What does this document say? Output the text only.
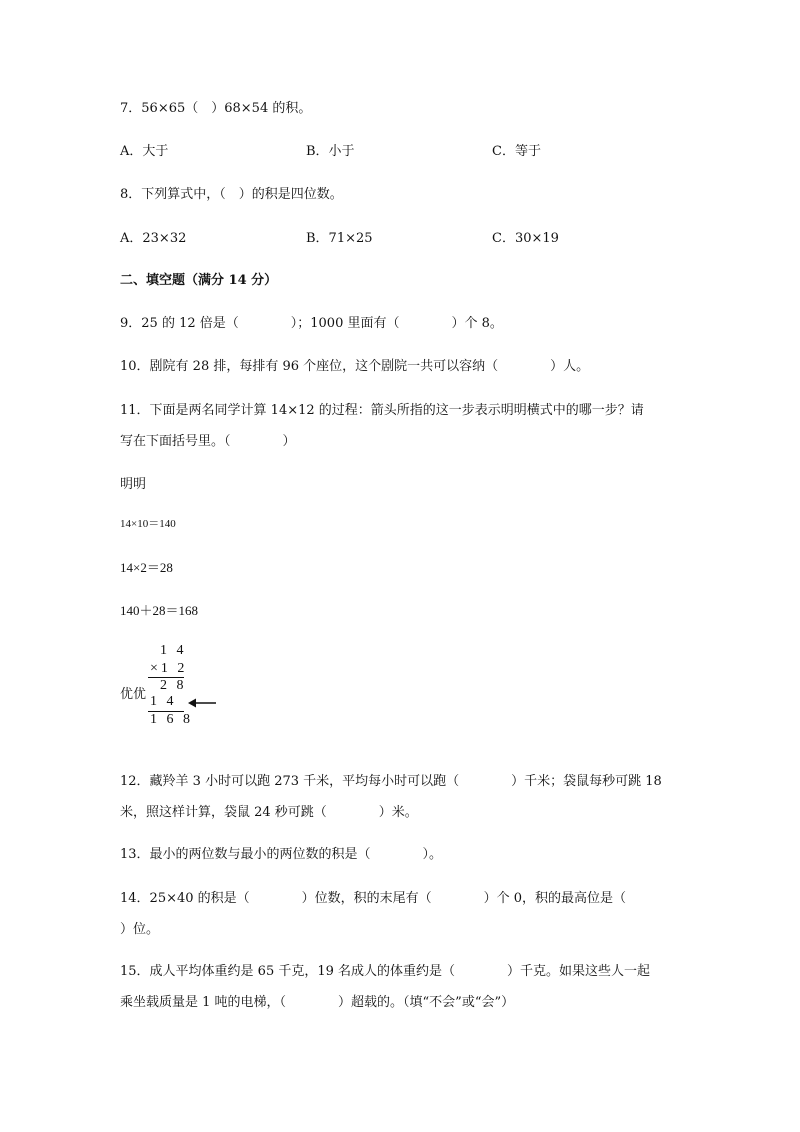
7．56×65（　）68×54 的积。
A．大于	B．小于	C．等于
8．下列算式中，（　）的积是四位数。
A．23×32	B．71×25	C．30×19
二、填空题（满分 14 分）
9．25 的 12 倍是（　　　　）；1000 里面有（　　　　）个 8。
10．剧院有 28 排，每排有 96 个座位，这个剧院一共可以容纳（　　　　）人。
11．下面是两名同学计算 14×12 的过程：箭头所指的这一步表示明明横式中的哪一步？请
写在下面括号里。（　　　　）
明明
14×10＝140
14×2＝28
140＋28＝168
优优
1 4
×1 2
2 8
1 4
1 6 8
12．藏羚羊 3 小时可以跑 273 千米，平均每小时可以跑（　　　　）千米；袋鼠每秒可跳 18
米，照这样计算，袋鼠 24 秒可跳（　　　　）米。
13．最小的两位数与最小的两位数的积是（　　　　）。
14．25×40 的积是（　　　　）位数，积的末尾有（　　　　）个 0，积的最高位是（
）位。
15．成人平均体重约是 65 千克，19 名成人的体重约是（　　　　）千克。如果这些人一起
乘坐载质量是 1 吨的电梯，（　　　　）超载的。（填“不会”或“会”）
